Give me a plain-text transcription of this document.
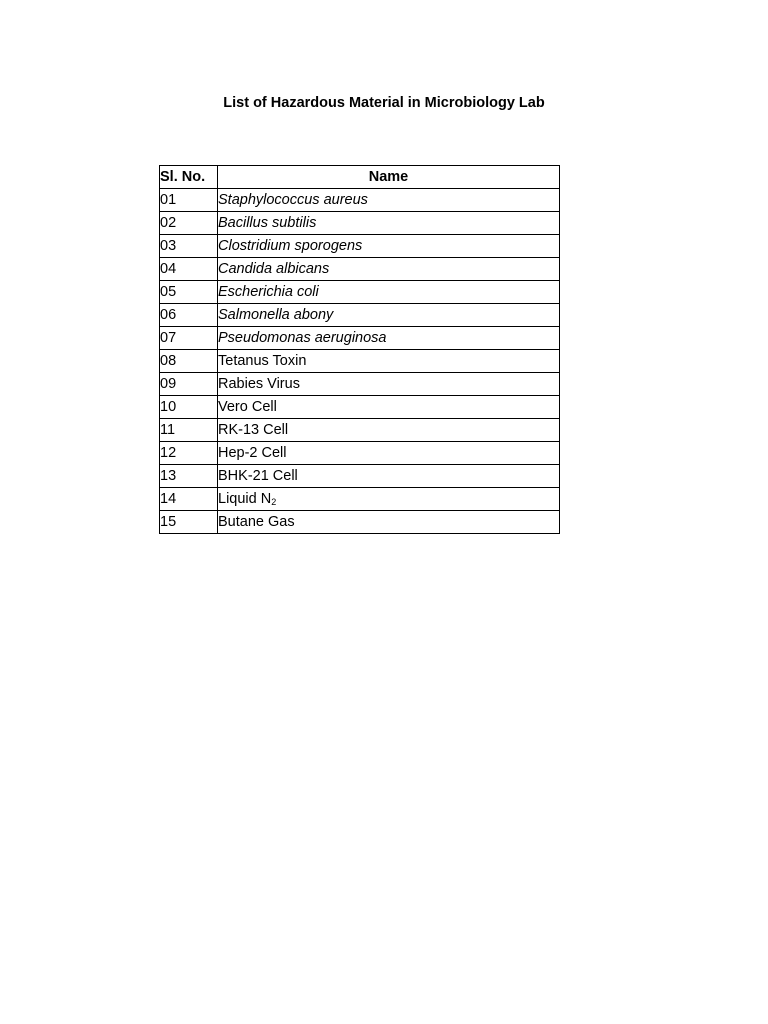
List of Hazardous Material in Microbiology Lab
Sl. No.	Name
01	Staphylococcus aureus
02	Bacillus subtilis
03	Clostridium sporogens
04	Candida albicans
05	Escherichia coli
06	Salmonella abony
07	Pseudomonas aeruginosa
08	Tetanus Toxin
09	Rabies Virus
10	Vero Cell
11	RK-13 Cell
12	Hep-2 Cell
13	BHK-21 Cell
14	Liquid $N_2$
15	Butane Gas
